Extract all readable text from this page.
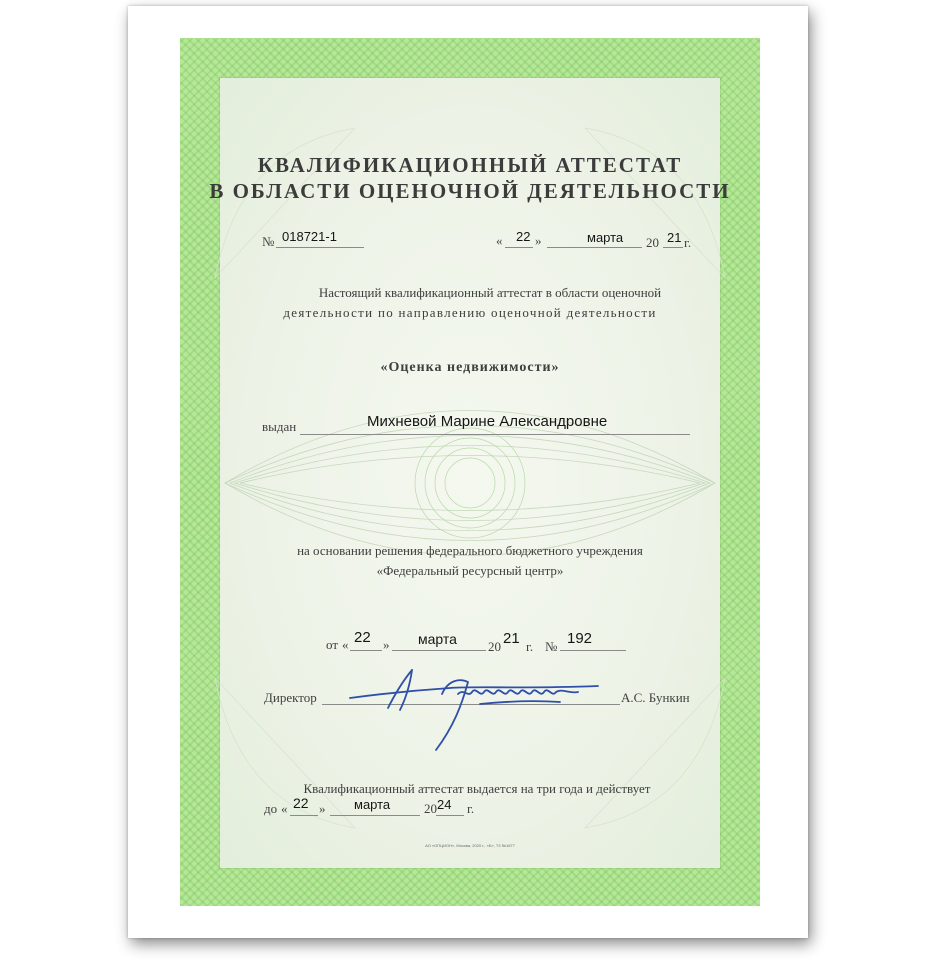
КВАЛИФИКАЦИОННЫЙ АТТЕСТАТ
В ОБЛАСТИ ОЦЕНОЧНОЙ ДЕЯТЕЛЬНОСТИ
№ 018721-1	« 22 »	марта 20 21 г.
Настоящий квалификационный аттестат в области оценочной
деятельности по направлению оценочной деятельности
«Оценка недвижимости»
выдан	Михневой Марине Александровне
на основании решения федерального бюджетного учреждения
«Федеральный ресурсный центр»
от « 22 » марта 20 21 г. № 192
Директор	А.С. Бункин
Квалификационный аттестат выдается на три года и действует
до « 22 » марта	20 24 г.
АО «ОПЦИОН», Москва, 2020 г., «Б», Т3 №1677
